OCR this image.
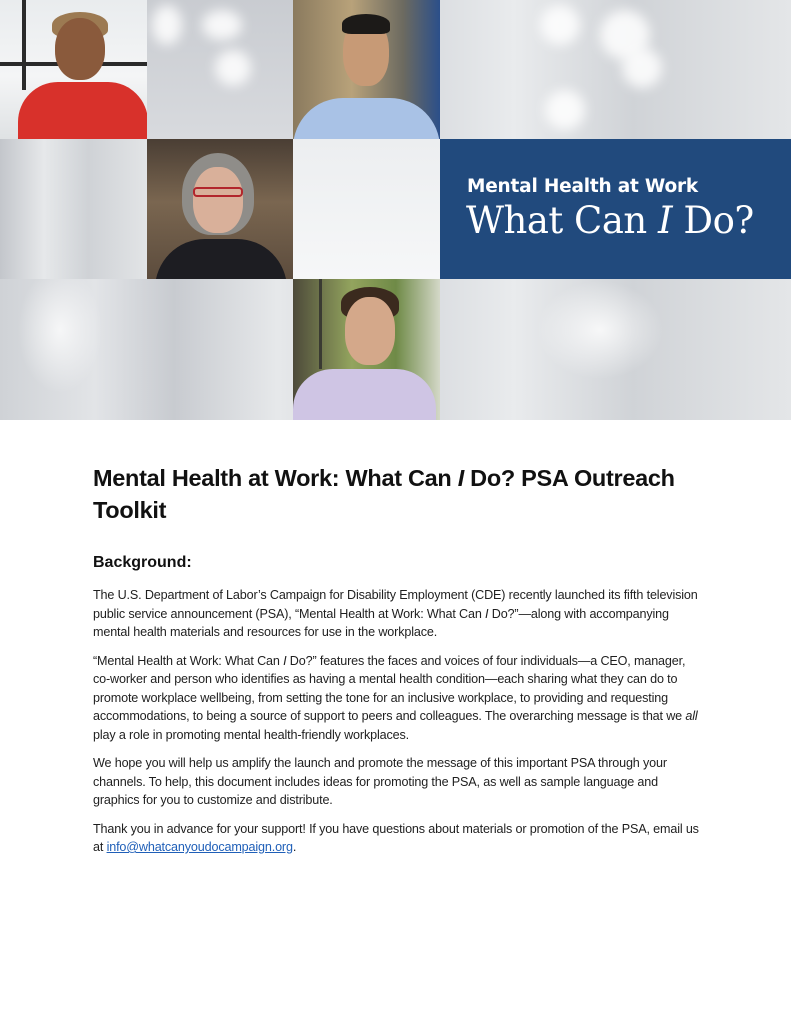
Mental Health at Work
What Can I Do?
Mental Health at Work: What Can I Do? PSA Outreach Toolkit
Background:

The U.S. Department of Labor’s Campaign for Disability Employment (CDE) recently launched its fifth television public service announcement (PSA), “Mental Health at Work: What Can I Do?”—along with accompanying mental health materials and resources for use in the workplace.

“Mental Health at Work: What Can I Do?” features the faces and voices of four individuals—a CEO, manager, co-worker and person who identifies as having a mental health condition—each sharing what they can do to promote workplace wellbeing, from setting the tone for an inclusive workplace, to providing and requesting accommodations, to being a source of support to peers and colleagues. The overarching message is that we all play a role in promoting mental health-friendly workplaces.

We hope you will help us amplify the launch and promote the message of this important PSA through your channels. To help, this document includes ideas for promoting the PSA, as well as sample language and graphics for you to customize and distribute.

Thank you in advance for your support! If you have questions about materials or promotion of the PSA, email us at info@whatcanyoudocampaign.org.
